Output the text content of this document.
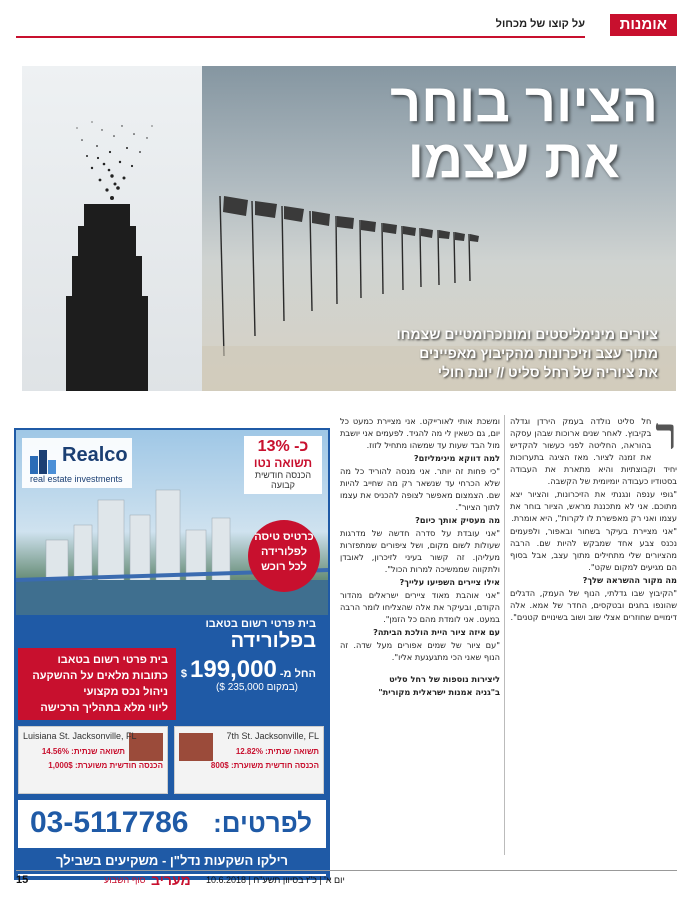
אומנות
על קוצו של מכחול
הציור בוחר
את עצמו
ציורים מינימליסטים ומונוכרומטיים שצמחו
מתוך עצב וזיכרונות מהקיבוץ מאפיינים
את ציוריה של רחל סליט // יונת חולי
ר

חל סליט נולדה בעמק הירדן וגדלה בקיבוץ. לאחר שנים ארוכות שבהן עסקה בהוראה, החליטה לפני כעשור להקדיש את זמנה לציור. מאז הציגה בתערוכות יחיד וקבוצתיות והיא מתארת את העבודה בסטודיו כעבודה יומיומית של הקשבה.

"גופי ענפה ונגנתי את הזיכרונות, והציור יצא מתוכם. אני לא מתכננת מראש, הציור בוחר את עצמו ואני רק מאפשרת לו לקרות", היא אומרת.

"אני מציירת בעיקר בשחור ובאפור, ולפעמים נכנס צבע אחד שמבקש להיות שם. הרבה מהציורים שלי מתחילים מתוך עצב, אבל בסוף הם מגיעים למקום שקט".

מה מקור ההשראה שלך?

"הקיבוץ שבו גדלתי, הנוף של העמק, הדגלים שהונפו בחגים ובטקסים, החדר של אמא. אלה דימויים שחוזרים אצלי שוב ושוב בשינויים קטנים".

ומשכת אותי לאורייקט. אני מציירת כמעט כל יום, גם כשאין לי מה להגיד. לפעמים אני יושבת מול הבד שעות עד שמשהו מתחיל לזוז.

למה דווקא מינימליזם?

"כי פחות זה יותר. אני מנסה להוריד כל מה שלא הכרחי עד שנשאר רק מה שחייב להיות שם. הצמצום מאפשר לצופה להכניס את עצמו לתוך הציור".

מה מעסיק אותך כיום?

"אני עובדת על סדרה חדשה של מדרגות שעולות לשום מקום, ושל ציפורים שמתפזרות מעליהן. זה קשור בעיני לזיכרון, לאובדן ולתקווה שממשיכה למרות הכול".

אילו ציירים השפיעו עלייך?

"אני אוהבת מאוד ציירים ישראלים מהדור הקודם, ובעיקר את אלה שהצליחו לומר הרבה במעט. אני לומדת מהם כל הזמן".

עם איזה ציור היית הולכת הביתה?

"עם ציור של שמים אפורים מעל שדה. זה הנוף שאני הכי מתגעגעת אליו".

ליצירות נוספות של רחל סליט

ב"גניה אמנות ישראלית מקורית"

Realco
real estate investments
כ- 13%
תשואה נטו
הכנסה חודשית קבועה
כרטיס טיסה
לפלורידה
לכל רוכש
בית פרטי רשום בטאבו
בפלורידה
החל מ- 199,000 $
(במקום 235,000 $)
בית פרטי רשום בטאבו
כתובות מלאים על ההשקעה
ניהול נכס מקצועי
ליווי מלא בתהליך הרכישה
Luisiana St. Jacksonville, FL
תשואה שנתית: 14.56%
הכנסה חודשית משוערת: 1,000$
7th St. Jacksonville, FL
תשואה שנתית: 12.82%
הכנסה חודשית משוערת: 800$
לפרטים:
03-5117786
רילקו השקעות נדל"ן - משקיעים בשבילך
15	יום א' | כ"ז בסיוון תשע"ח | 10.6.2018
מעריב
סוף השבוע
